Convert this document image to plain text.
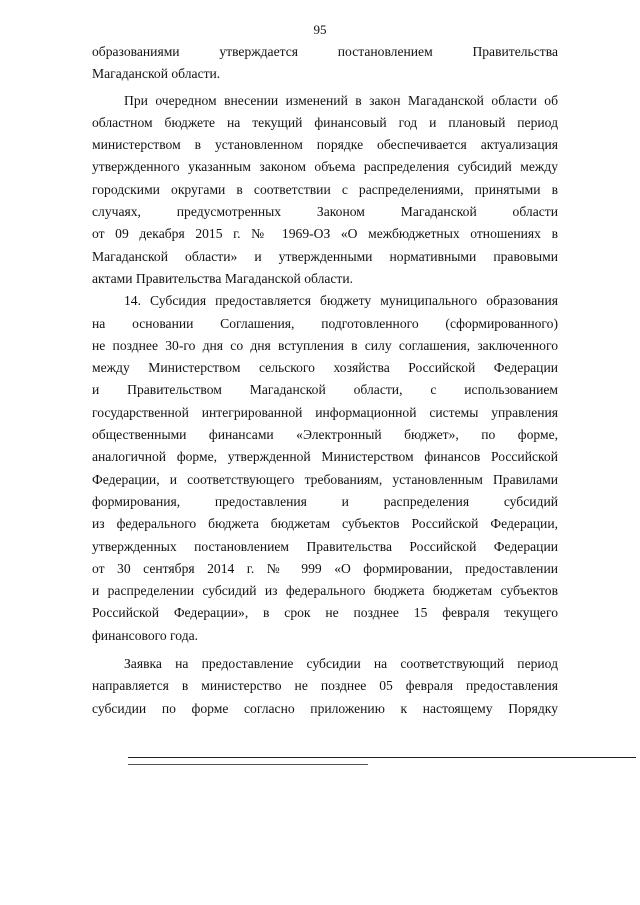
95
образованиями утверждается постановлением Правительства
Магаданской области.
При очередном внесении изменений в закон Магаданской области об
областном бюджете на текущий финансовый год и плановый период
министерством в установленном порядке обеспечивается актуализация
утвержденного указанным законом объема распределения субсидий между
городскими округами в соответствии с распределениями, принятыми в
случаях, предусмотренных Законом Магаданской области
от 09 декабря 2015 г. № 1969-ОЗ «О межбюджетных отношениях в
Магаданской области» и утвержденными нормативными правовыми
актами Правительства Магаданской области.
14. Субсидия предоставляется бюджету муниципального образования
на основании Соглашения, подготовленного (сформированного)
не позднее 30-го дня со дня вступления в силу соглашения, заключенного
между Министерством сельского хозяйства Российской Федерации
и Правительством Магаданской области, с использованием
государственной интегрированной информационной системы управления
общественными финансами «Электронный бюджет», по форме,
аналогичной форме, утвержденной Министерством финансов Российской
Федерации, и соответствующего требованиям, установленным Правилами
формирования, предоставления и распределения субсидий
из федерального бюджета бюджетам субъектов Российской Федерации,
утвержденных постановлением Правительства Российской Федерации
от 30 сентября 2014 г. № 999 «О формировании, предоставлении
и распределении субсидий из федерального бюджета бюджетам субъектов
Российской Федерации», в срок не позднее 15 февраля текущего
финансового года.
Заявка на предоставление субсидии на соответствующий период
направляется в министерство не позднее 05 февраля предоставления
субсидии по форме согласно приложению к настоящему Порядку
